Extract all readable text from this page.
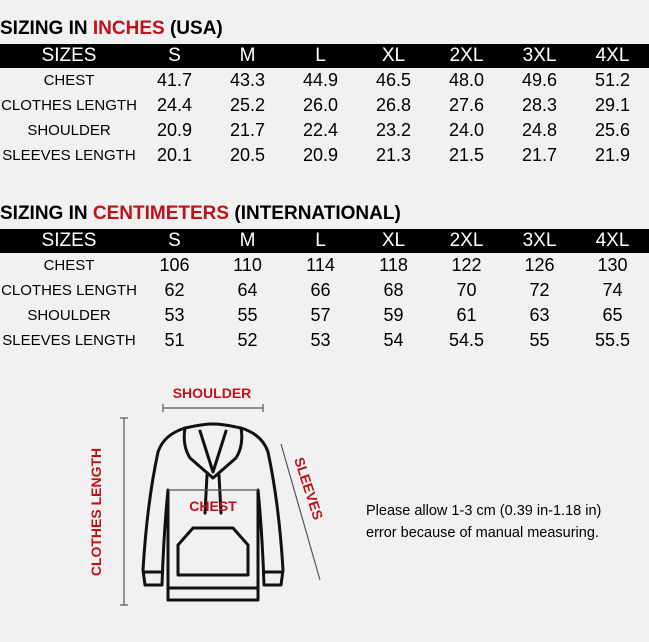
SIZING IN INCHES (USA)
SIZES	S	M	L	XL	2XL	3XL	4XL
CHEST	41.7	43.3	44.9	46.5	48.0	49.6	51.2
CLOTHES LENGTH	24.4	25.2	26.0	26.8	27.6	28.3	29.1
SHOULDER	20.9	21.7	22.4	23.2	24.0	24.8	25.6
SLEEVES LENGTH	20.1	20.5	20.9	21.3	21.5	21.7	21.9
SIZING IN CENTIMETERS (INTERNATIONAL)
SIZES	S	M	L	XL	2XL	3XL	4XL
CHEST	106	110	114	118	122	126	130
CLOTHES LENGTH	62	64	66	68	70	72	74
SHOULDER	53	55	57	59	61	63	65
SLEEVES LENGTH	51	52	53	54	54.5	55	55.5
SHOULDER
CLOTHES LENGTH	SLEEVES
CHEST	Please allow 1-3 cm (0.39 in-1.18 in)
error because of manual measuring.
